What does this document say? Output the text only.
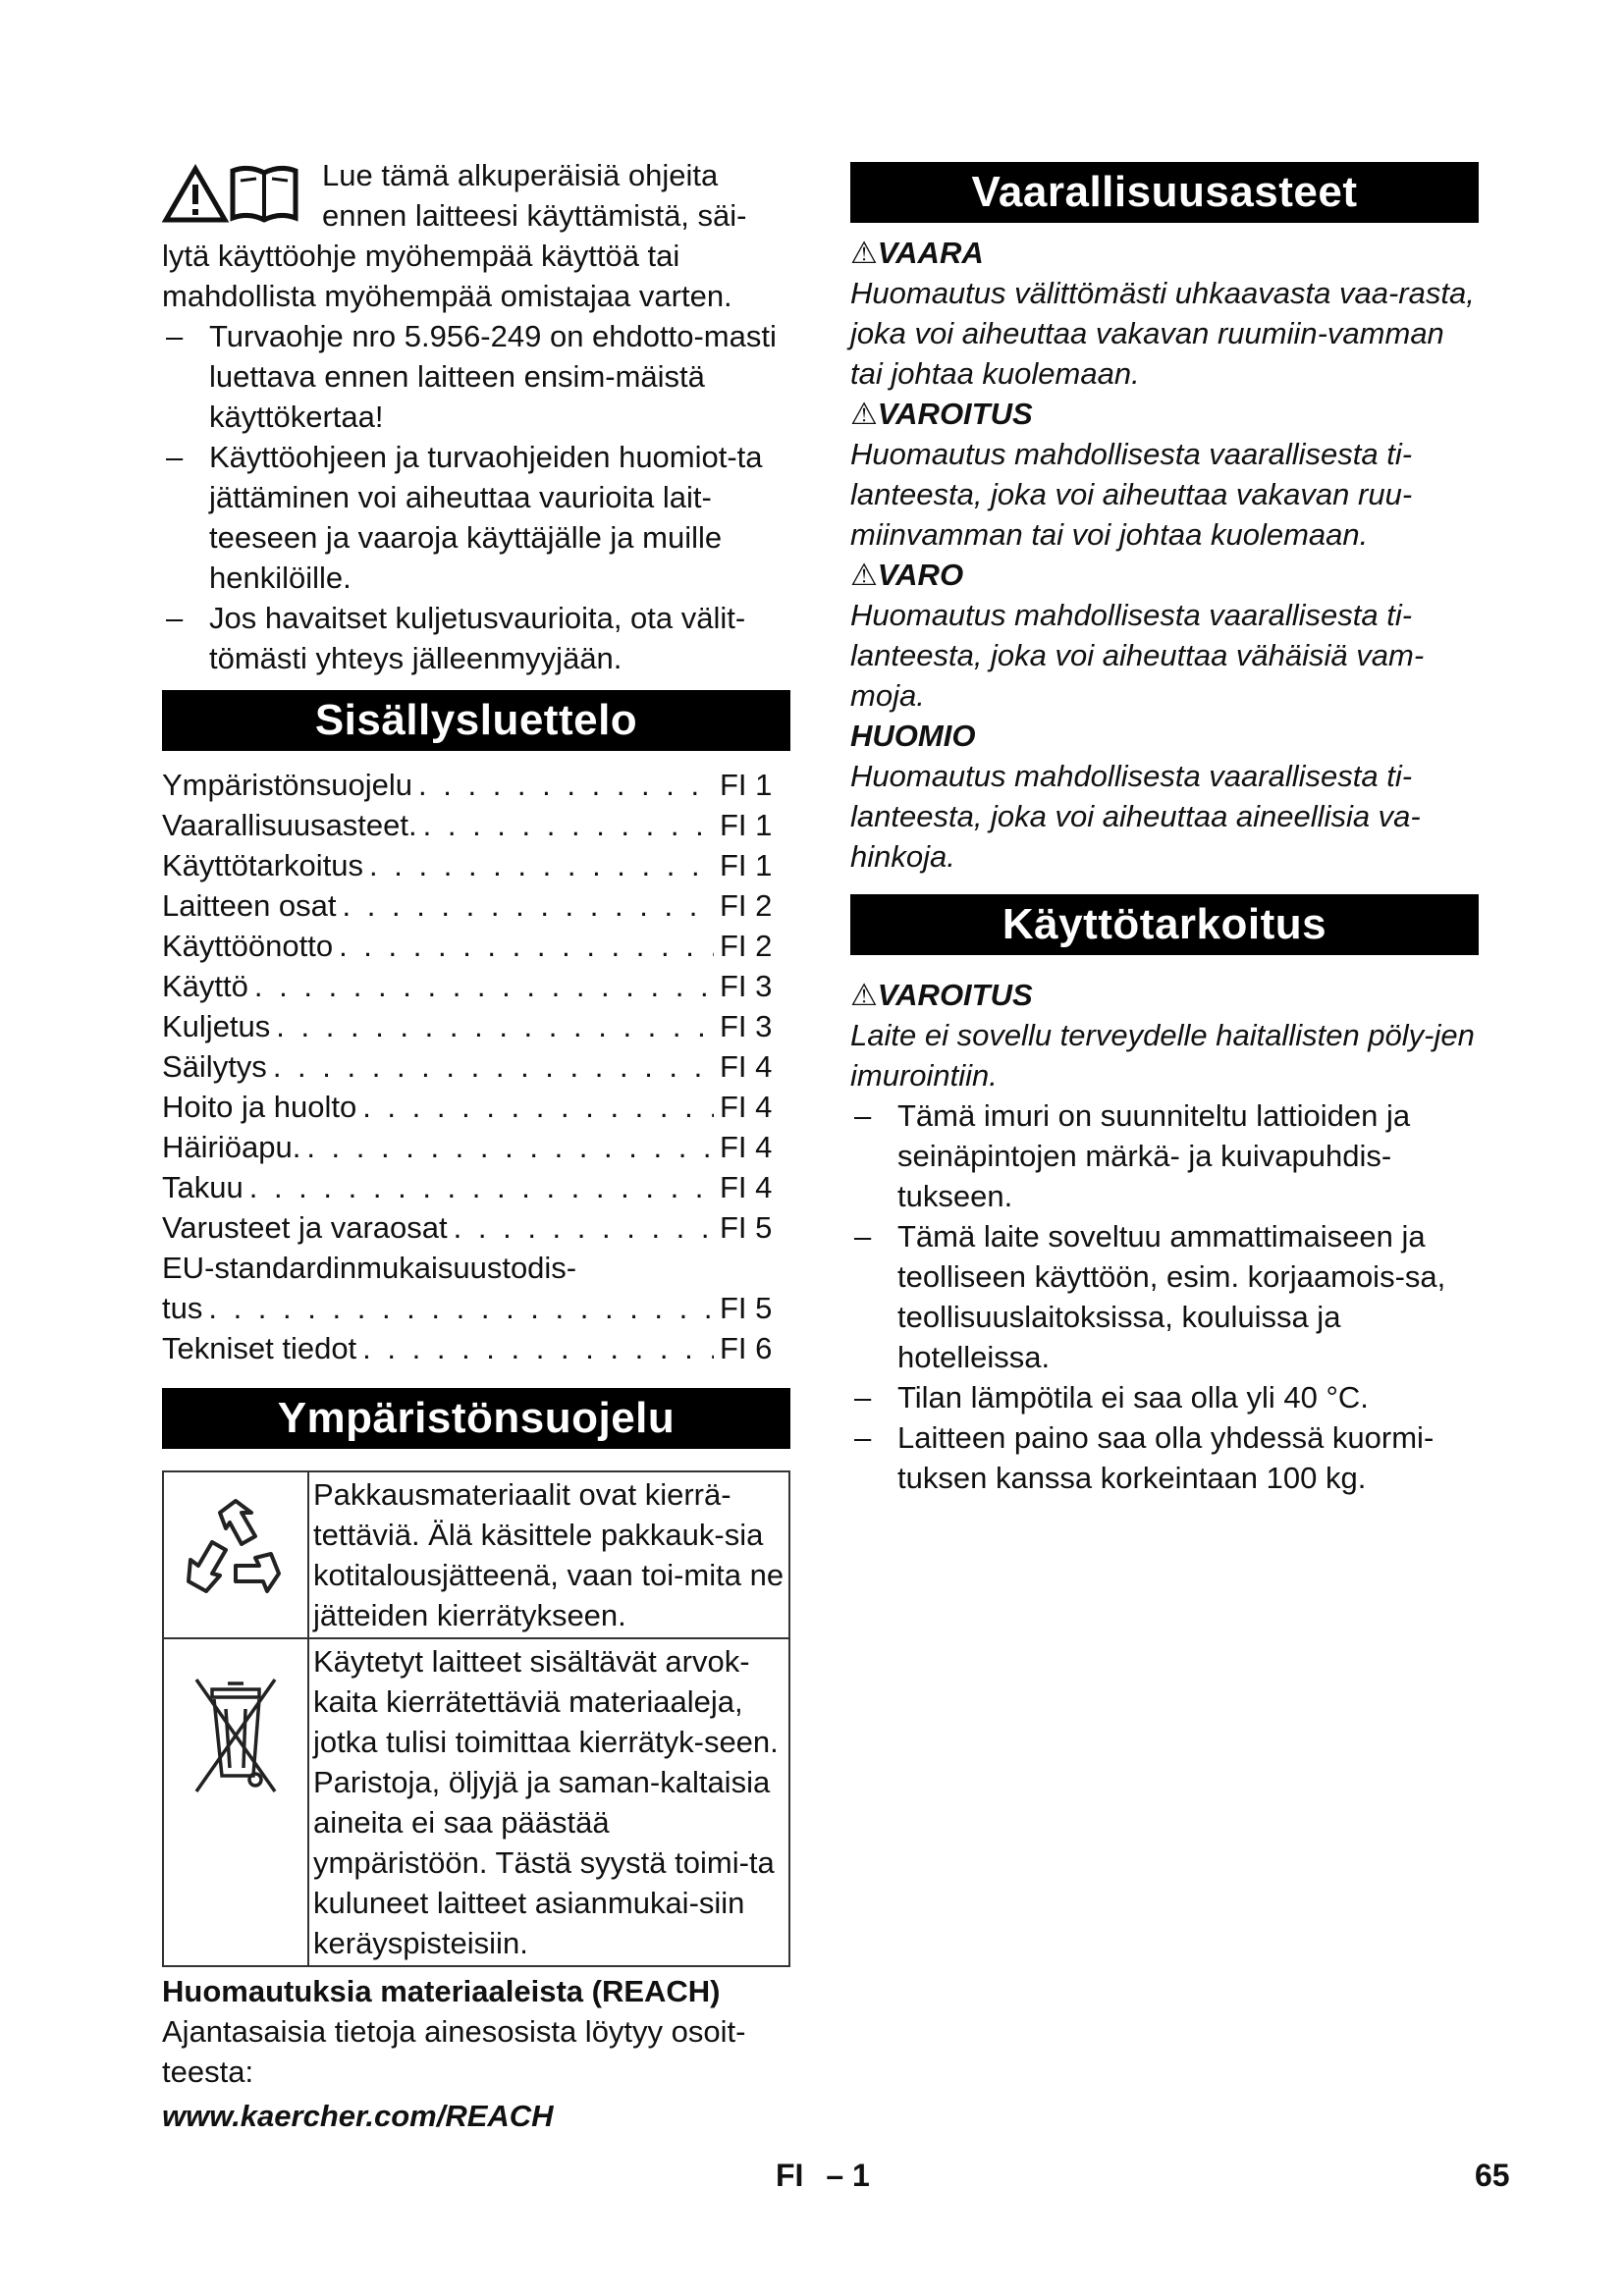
Lue tämä alkuperäisiä ohjeita
ennen laitteesi käyttämistä, säi-
lytä käyttöohje myöhempää käyttöä tai mahdollista myöhempää omistajaa varten.
– Turvaohje nro 5.956-249 on ehdotto-masti luettava ennen laitteen ensim-mäistä käyttökertaa!
– Käyttöohjeen ja turvaohjeiden huomiot-ta jättäminen voi aiheuttaa vaurioita lait-teeseen ja vaaroja käyttäjälle ja muille henkilöille.
– Jos havaitset kuljetusvaurioita, ota välit-tömästi yhteys jälleenmyyjään.
Sisällysluettelo
Ympäristönsuojelu . . .	FI 1
Vaarallisuusasteet. . . .	FI 1
Käyttötarkoitus . . .	FI 1
Laitteen osat . . .	FI 2
Käyttöönotto . . .	FI 2
Käyttö . . .	FI 3
Kuljetus . . .	FI 3
Säilytys . . .	FI 4
Hoito ja huolto . . .	FI 4
Häiriöapu. . . .	FI 4
Takuu . . .	FI 4
Varusteet ja varaosat . . .	FI 5
EU-standardinmukaisuustodis-
tus . . .	FI 5
Tekniset tiedot . . .	FI 6
Ympäristönsuojelu
	Pakkausmateriaalit ovat kierrä-tettäviä. Älä käsittele pakkauk-sia kotitalousjätteenä, vaan toi-mita ne jätteiden kierrätykseen.
	Käytetyt laitteet sisältävät arvok-kaita kierrätettäviä materiaaleja, jotka tulisi toimittaa kierrätyk-seen. Paristoja, öljyjä ja saman-kaltaisia aineita ei saa päästää ympäristöön. Tästä syystä toimi-ta kuluneet laitteet asianmukai-siin keräyspisteisiin.
Huomautuksia materiaaleista (REACH)
Ajantasaisia tietoja ainesosista löytyy osoit-teesta:
www.kaercher.com/REACH
Vaarallisuusasteet
⚠VAARA
Huomautus välittömästi uhkaavasta vaa-rasta, joka voi aiheuttaa vakavan ruumiin-vamman tai johtaa kuolemaan.
⚠VAROITUS
Huomautus mahdollisesta vaarallisesta ti-lanteesta, joka voi aiheuttaa vakavan ruu-miinvamman tai voi johtaa kuolemaan.
⚠VARO
Huomautus mahdollisesta vaarallisesta ti-lanteesta, joka voi aiheuttaa vähäisiä vam-moja.
HUOMIO
Huomautus mahdollisesta vaarallisesta ti-lanteesta, joka voi aiheuttaa aineellisia va-hinkoja.
Käyttötarkoitus
⚠VAROITUS
Laite ei sovellu terveydelle haitallisten pöly-jen imurointiin.
– Tämä imuri on suunniteltu lattioiden ja seinäpintojen märkä- ja kuivapuhdis-tukseen.
– Tämä laite soveltuu ammattimaiseen ja teolliseen käyttöön, esim. korjaamois-sa, teollisuuslaitoksissa, kouluissa ja hotelleissa.
– Tilan lämpötila ei saa olla yli 40 °C.
– Laitteen paino saa olla yhdessä kuormi-tuksen kanssa korkeintaan 100 kg.
FI – 1	65
